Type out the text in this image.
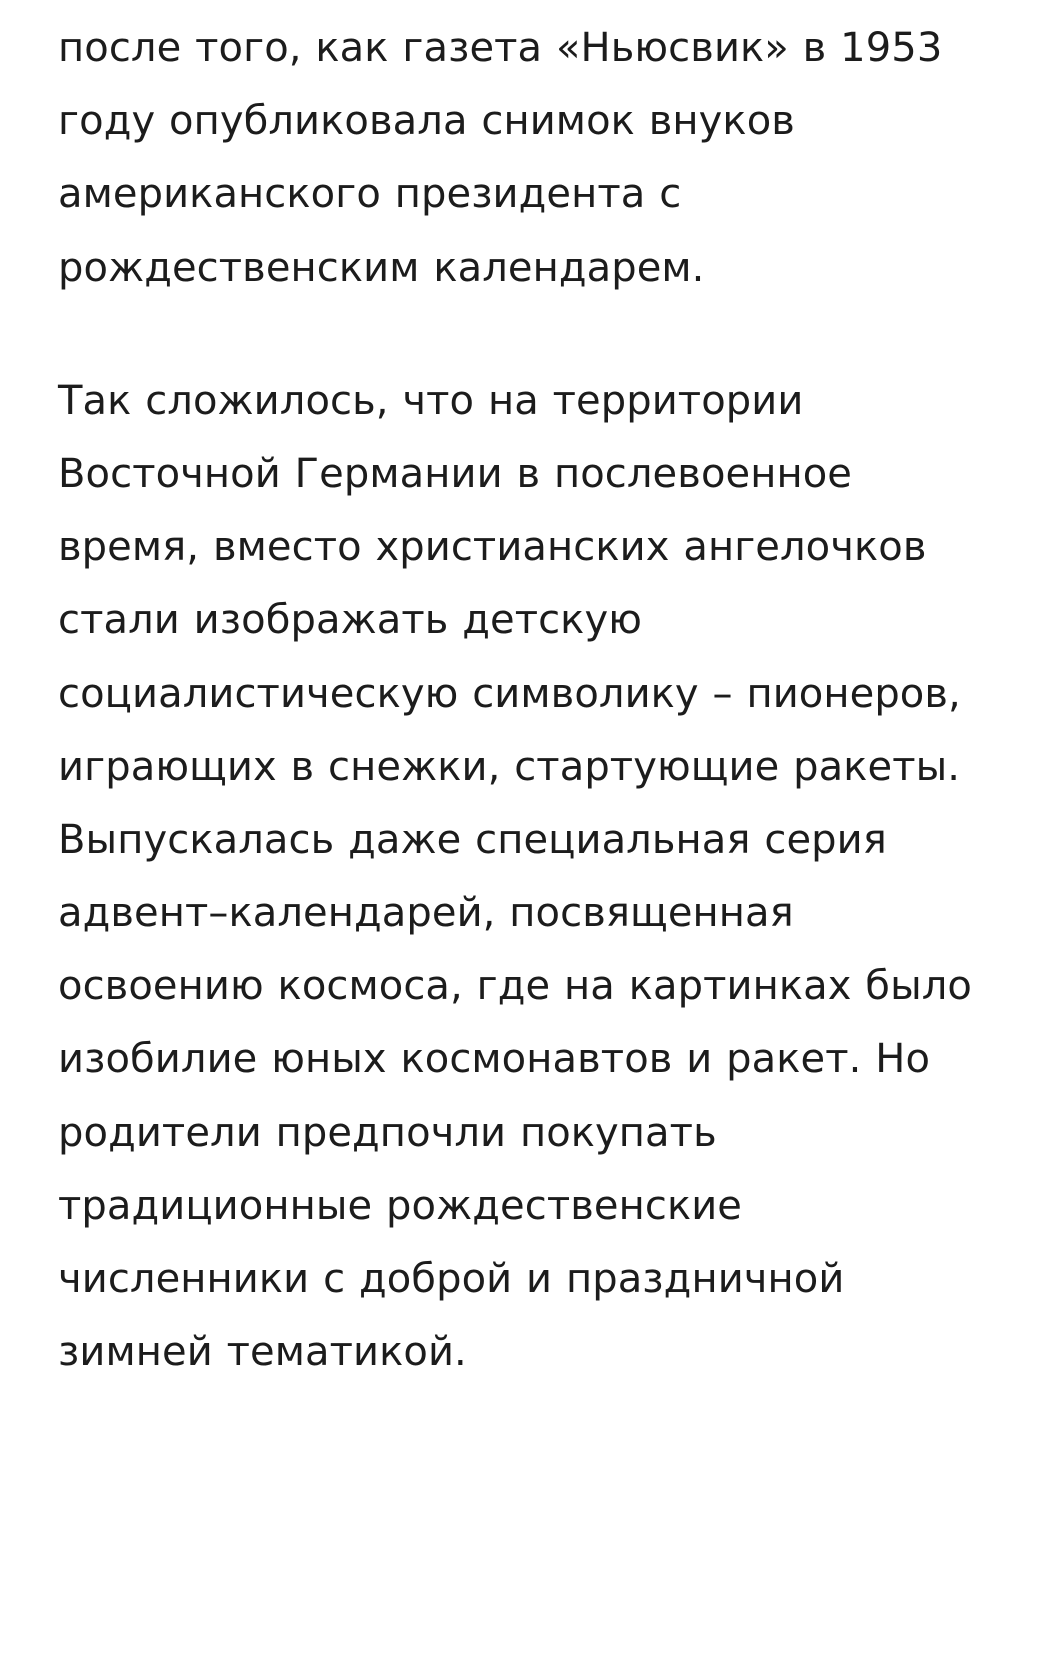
после того, как газета «Ньюсвик» в 1953 году опубликовала снимок внуков американского президента с рождественским календарем.

Так сложилось, что на территории Восточной Германии в послевоенное время, вместо христианских ангелочков стали изображать детскую социалистическую символику – пионеров, играющих в снежки, стартующие ракеты. Выпускалась даже специальная серия адвент–календарей, посвященная освоению космоса, где на картинках было изобилие юных космонавтов и ракет. Но родители предпочли покупать традиционные рождественские численники с доброй и праздничной зимней тематикой.
